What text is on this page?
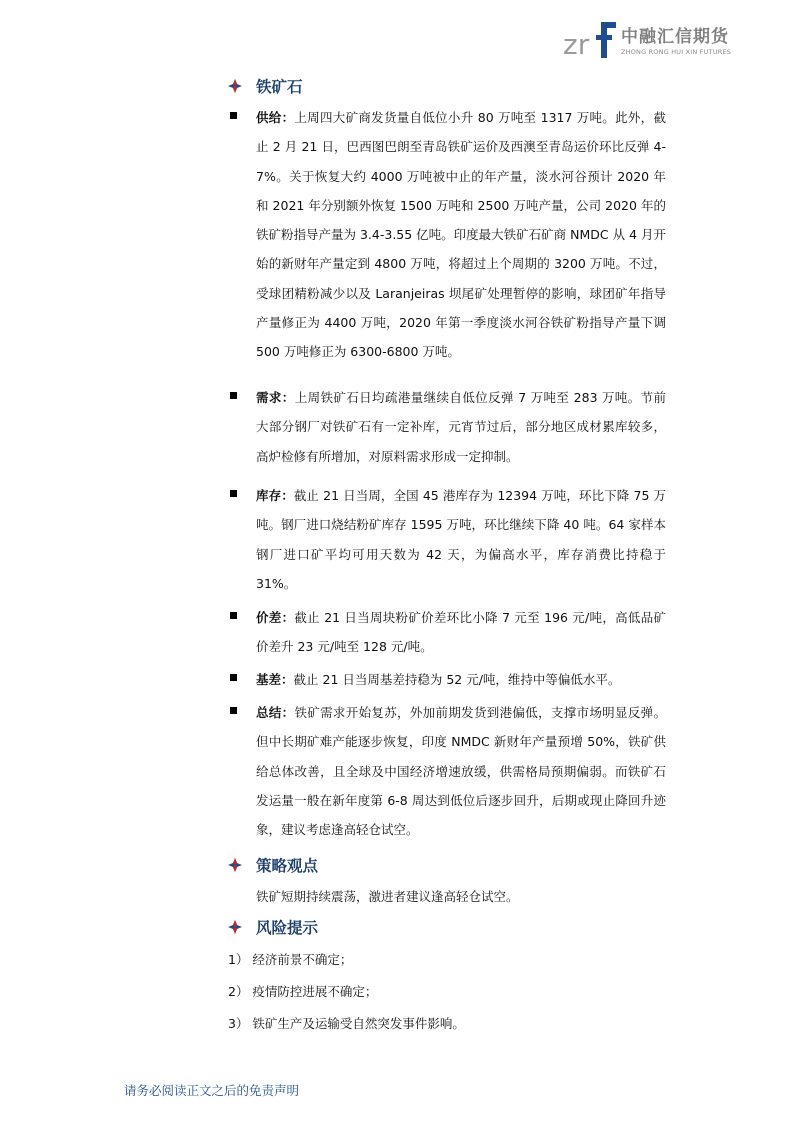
zr 中融汇信期货
ZHONG RONG HUI XIN FUTURES
铁矿石
供给：上周四大矿商发货量自低位小升 80 万吨至 1317 万吨。此外，截止 2 月 21 日，巴西图巴朗至青岛铁矿运价及西澳至青岛运价环比反弹 4-7%。关于恢复大约 4000 万吨被中止的年产量，淡水河谷预计 2020 年和 2021 年分别额外恢复 1500 万吨和 2500 万吨产量，公司 2020 年的铁矿粉指导产量为 3.4-3.55 亿吨。印度最大铁矿石矿商 NMDC 从 4 月开始的新财年产量定到 4800 万吨，将超过上个周期的 3200 万吨。不过，受球团精粉减少以及 Laranjeiras 坝尾矿处理暂停的影响，球团矿年指导产量修正为 4400 万吨，2020 年第一季度淡水河谷铁矿粉指导产量下调 500 万吨修正为 6300-6800 万吨。
需求：上周铁矿石日均疏港量继续自低位反弹 7 万吨至 283 万吨。节前大部分钢厂对铁矿石有一定补库，元宵节过后，部分地区成材累库较多，高炉检修有所增加，对原料需求形成一定抑制。
库存：截止 21 日当周，全国 45 港库存为 12394 万吨，环比下降 75 万吨。钢厂进口烧结粉矿库存 1595 万吨，环比继续下降 40 吨。64 家样本钢厂进口矿平均可用天数为 42 天，为偏高水平，库存消费比持稳于 31%。
价差：截止 21 日当周块粉矿价差环比小降 7 元至 196 元/吨，高低品矿价差升 23 元/吨至 128 元/吨。
基差：截止 21 日当周基差持稳为 52 元/吨，维持中等偏低水平。
总结：铁矿需求开始复苏，外加前期发货到港偏低，支撑市场明显反弹。但中长期矿难产能逐步恢复，印度 NMDC 新财年产量预增 50%，铁矿供给总体改善，且全球及中国经济增速放缓，供需格局预期偏弱。而铁矿石发运量一般在新年度第 6-8 周达到低位后逐步回升，后期或现止降回升迹象，建议考虑逢高轻仓试空。
策略观点
铁矿短期持续震荡，激进者建议逢高轻仓试空。
风险提示
1） 经济前景不确定；
2） 疫情防控进展不确定；
3） 铁矿生产及运输受自然突发事件影响。
请务必阅读正文之后的免责声明
